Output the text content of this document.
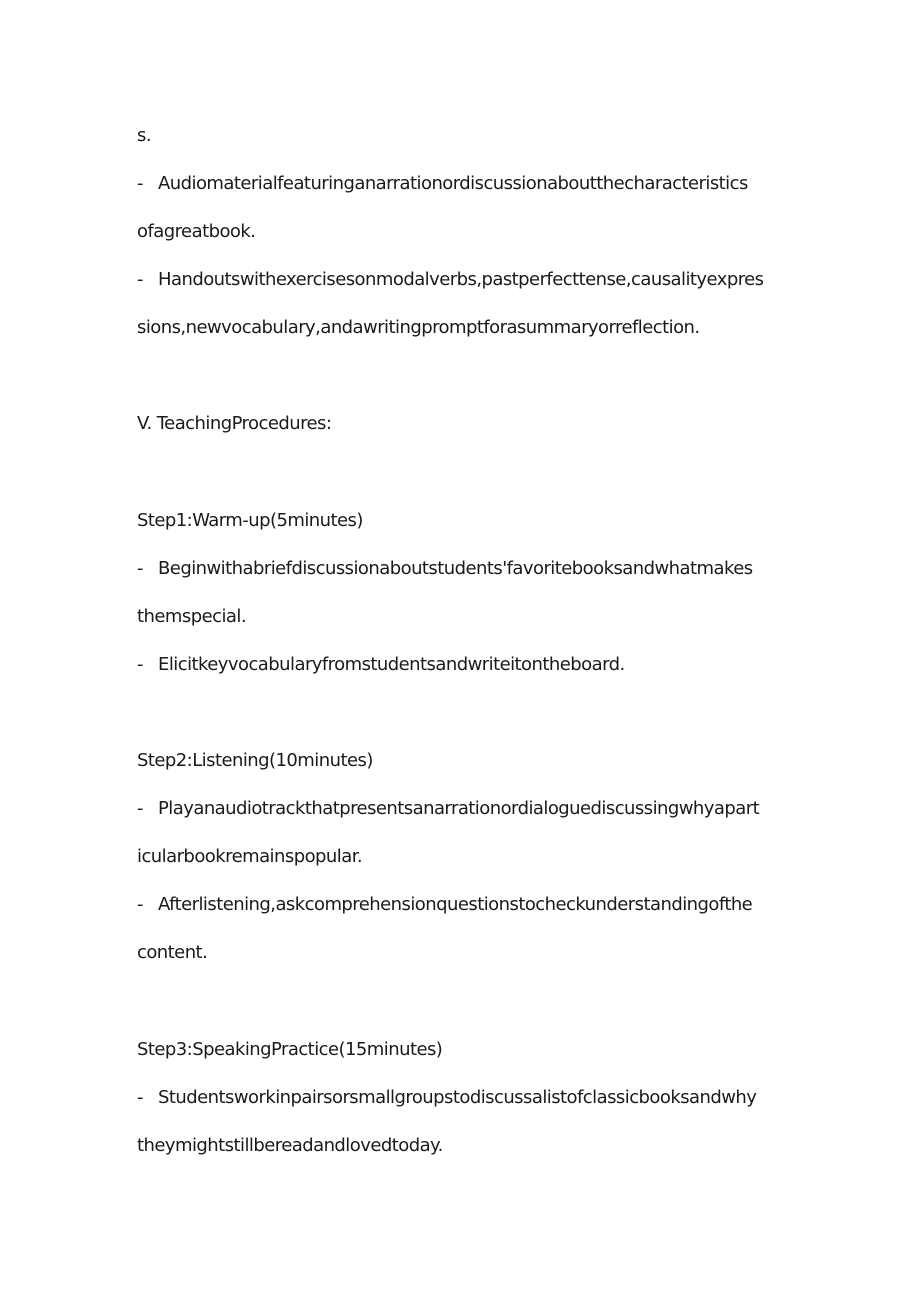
s.
- Audiomaterialfeaturinganarrationordiscussionaboutthecharacteristics
ofagreatbook.
- Handoutswithexercisesonmodalverbs,pastperfecttense,causalityexpres
sions,newvocabulary,andawritingpromptforasummaryorreflection.
V. TeachingProcedures:
Step1:Warm-up(5minutes)
- Beginwithabriefdiscussionaboutstudents'favoritebooksandwhatmakes
themspecial.
- Elicitkeyvocabularyfromstudentsandwriteitontheboard.
Step2:Listening(10minutes)
- Playanaudiotrackthatpresentsanarrationordialoguediscussingwhyapart
icularbookremainspopular.
- Afterlistening,askcomprehensionquestionstocheckunderstandingofthe
content.
Step3:SpeakingPractice(15minutes)
- Studentsworkinpairsorsmallgroupstodiscussalistofclassicbooksandwhy
theymightstillbereadandlovedtoday.
